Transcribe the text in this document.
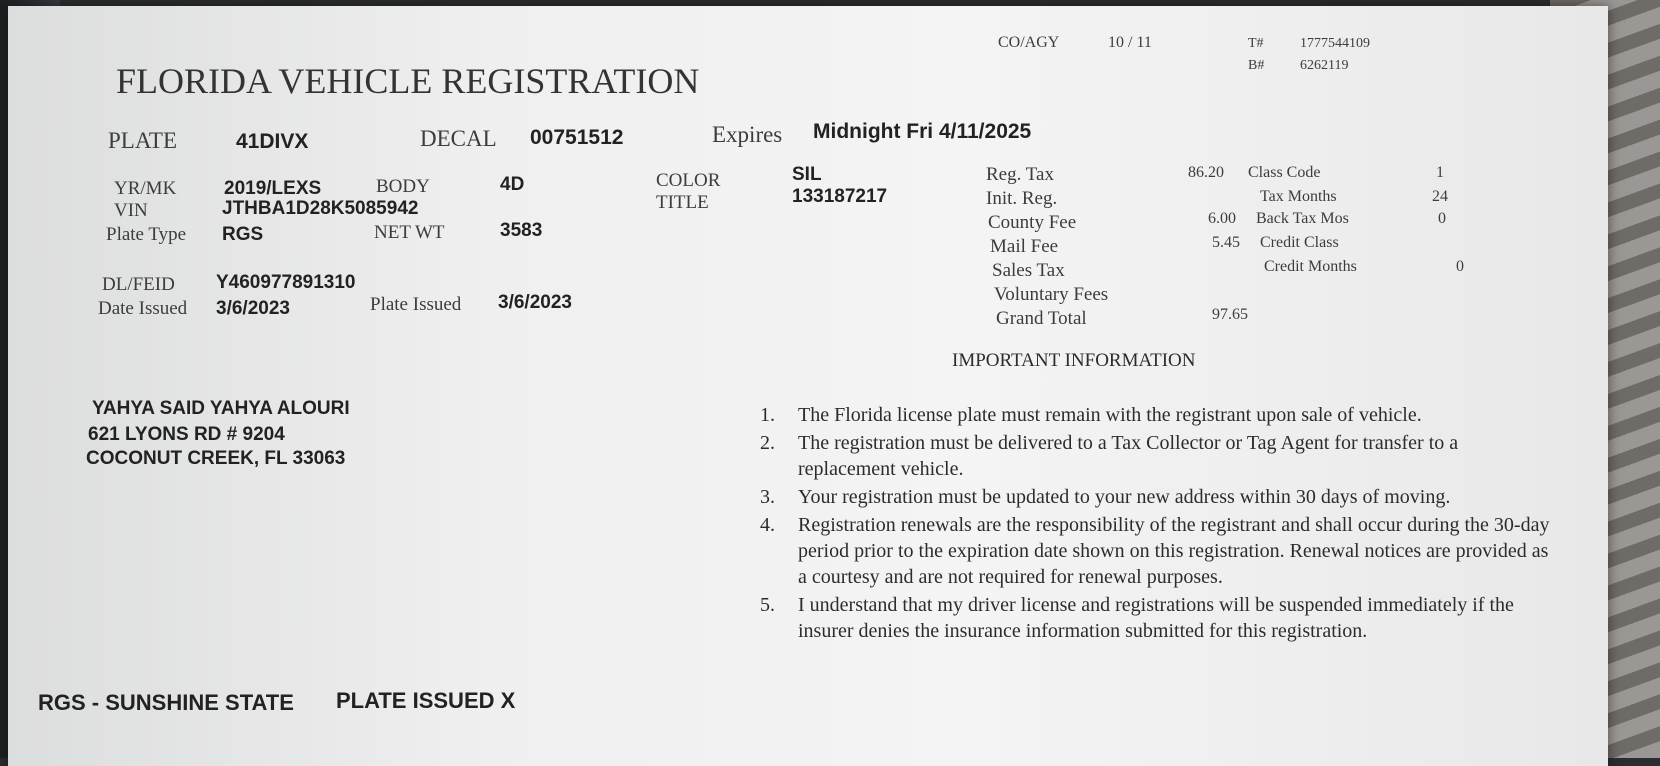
CO/AGY	10 / 11	T#	1777544109
B#	6262119
FLORIDA VEHICLE REGISTRATION
PLATE	41DIVX	DECAL 00751512	Expires Midnight Fri 4/11/2025
YR/MK	2019/LEXS	BODY	4D
VIN	JTHBA1D28K5085942
Plate Type RGS	NET WT	3583
COLOR	SIL
TITLE	133187217
DL/FEID Y460977891310
Date Issued 3/6/2023	Plate Issued 3/6/2023
Reg. Tax	86.20
Init. Reg.
County Fee	6.00
Mail Fee	5.45
Sales Tax
Voluntary Fees
Grand Total	97.65
Class Code	1
Tax Months	24
Back Tax Mos	0
Credit Class
Credit Months	0
YAHYA SAID YAHYA ALOURI
621 LYONS RD # 9204
COCONUT CREEK, FL 33063
IMPORTANT INFORMATION
1. The Florida license plate must remain with the registrant upon sale of vehicle.
2. The registration must be delivered to a Tax Collector or Tag Agent for transfer to a replacement vehicle.
3. Your registration must be updated to your new address within 30 days of moving.
4. Registration renewals are the responsibility of the registrant and shall occur during the 30-day period prior to the expiration date shown on this registration. Renewal notices are provided as a courtesy and are not required for renewal purposes.
5. I understand that my driver license and registrations will be suspended immediately if the insurer denies the insurance information submitted for this registration.
RGS - SUNSHINE STATE PLATE ISSUED X
